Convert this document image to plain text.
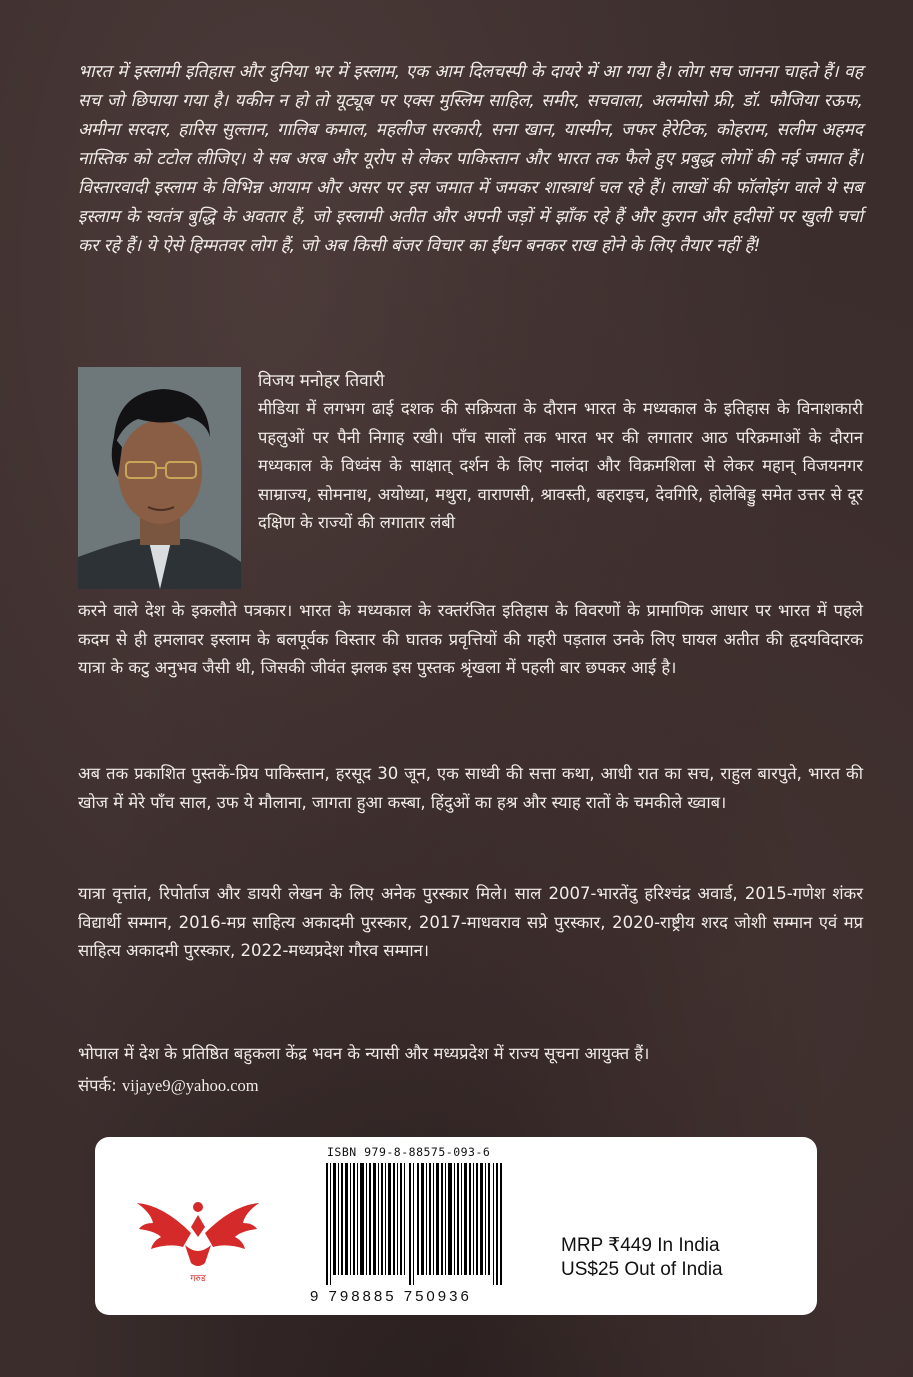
भारत में इस्लामी इतिहास और दुनिया भर में इस्लाम, एक आम दिलचस्पी के दायरे में आ गया है। लोग सच जानना चाहते हैं। वह सच जो छिपाया गया है। यकीन न हो तो यूट्यूब पर एक्स मुस्लिम साहिल, समीर, सचवाला, अलमोसो फ्री, डॉ. फौजिया रऊफ, अमीना सरदार, हारिस सुल्तान, गालिब कमाल, महलीज सरकारी, सना खान, यास्मीन, जफर हेरेटिक, कोहराम, सलीम अहमद नास्तिक को टटोल लीजिए। ये सब अरब और यूरोप से लेकर पाकिस्तान और भारत तक फैले हुए प्रबुद्ध लोगों की नई जमात हैं। विस्तारवादी इस्लाम के विभिन्न आयाम और असर पर इस जमात में जमकर शास्त्रार्थ चल रहे हैं। लाखों की फॉलोइंग वाले ये सब इस्लाम के स्वतंत्र बुद्धि के अवतार हैं, जो इस्लामी अतीत और अपनी जड़ों में झाँक रहे हैं और कुरान और हदीसों पर खुली चर्चा कर रहे हैं। ये ऐसे हिम्मतवर लोग हैं, जो अब किसी बंजर विचार का ईंधन बनकर राख होने के लिए तैयार नहीं हैं!

विजय मनोहर तिवारी

मीडिया में लगभग ढाई दशक की सक्रियता के दौरान भारत के मध्यकाल के इतिहास के विनाशकारी पहलुओं पर पैनी निगाह रखी। पाँच सालों तक भारत भर की लगातार आठ परिक्रमाओं के दौरान मध्यकाल के विध्वंस के साक्षात् दर्शन के लिए नालंदा और विक्रमशिला से लेकर महान् विजयनगर साम्राज्य, सोमनाथ, अयोध्या, मथुरा, वाराणसी, श्रावस्ती, बहराइच, देवगिरि, होलेबिड्डु समेत उत्तर से दूर दक्षिण के राज्यों की लगातार लंबी

करने वाले देश के इकलौते पत्रकार। भारत के मध्यकाल के रक्तरंजित इतिहास के विवरणों के प्रामाणिक आधार पर भारत में पहले कदम से ही हमलावर इस्लाम के बलपूर्वक विस्तार की घातक प्रवृत्तियों की गहरी पड़ताल उनके लिए घायल अतीत की हृदयविदारक यात्रा के कटु अनुभव जैसी थी, जिसकी जीवंत झलक इस पुस्तक श्रृंखला में पहली बार छपकर आई है।

अब तक प्रकाशित पुस्तकें-प्रिय पाकिस्तान, हरसूद 30 जून, एक साध्वी की सत्ता कथा, आधी रात का सच, राहुल बारपुते, भारत की खोज में मेरे पाँच साल, उफ ये मौलाना, जागता हुआ कस्बा, हिंदुओं का हश्र और स्याह रातों के चमकीले ख्वाब।

यात्रा वृत्तांत, रिपोर्ताज और डायरी लेखन के लिए अनेक पुरस्कार मिले। साल 2007-भारतेंदु हरिश्चंद्र अवार्ड, 2015-गणेश शंकर विद्यार्थी सम्मान, 2016-मप्र साहित्य अकादमी पुरस्कार, 2017-माधवराव सप्रे पुरस्कार, 2020-राष्ट्रीय शरद जोशी सम्मान एवं मप्र साहित्य अकादमी पुरस्कार, 2022-मध्यप्रदेश गौरव सम्मान।

भोपाल में देश के प्रतिष्ठित बहुकला केंद्र भवन के न्यासी और मध्यप्रदेश में राज्य सूचना आयुक्त हैं।

संपर्क: vijaye9@yahoo.com
गरुड
ISBN 979-8-88575-093-6
9 798885 750936
MRP ₹449 In India
US$25 Out of India
